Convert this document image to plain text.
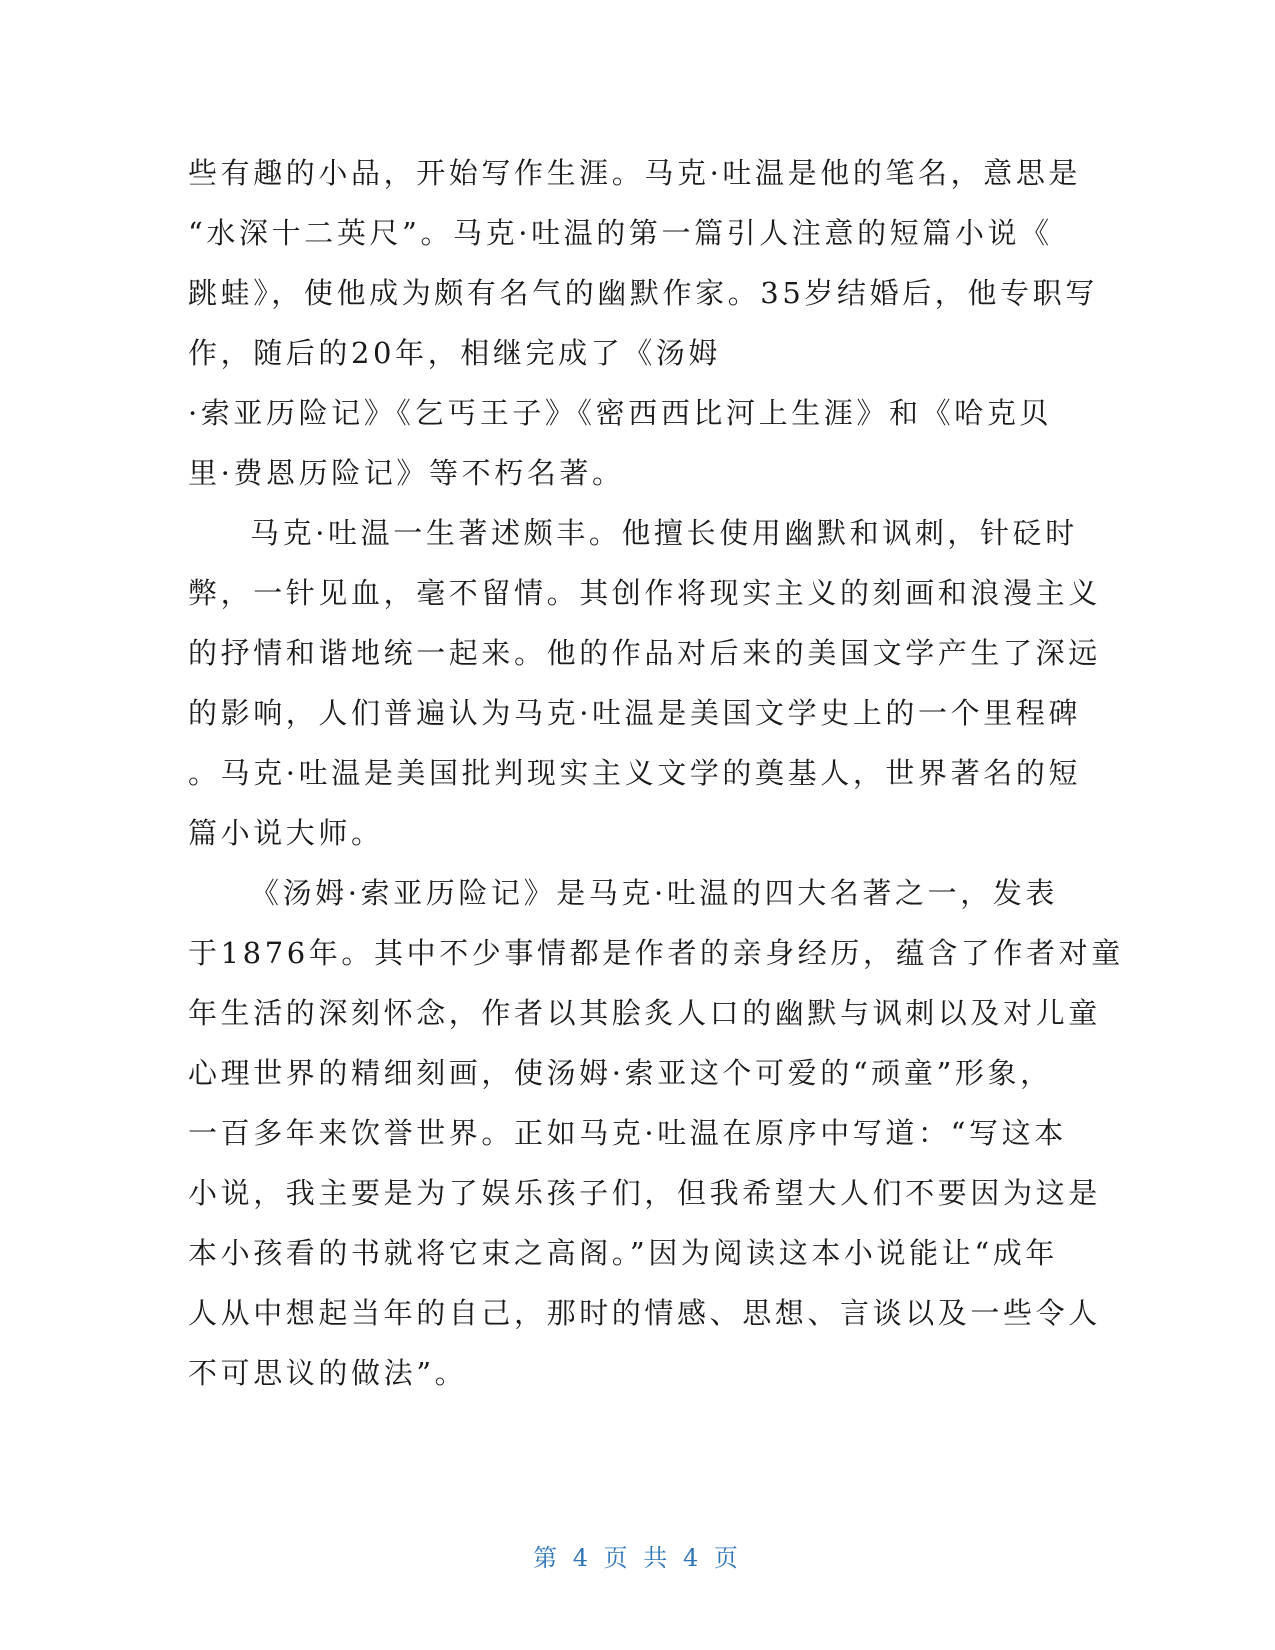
些有趣的小品，开始写作生涯。马克·吐温是他的笔名，意思是
“水深十二英尺”。马克·吐温的第一篇引人注意的短篇小说《
跳蛙》，使他成为颇有名气的幽默作家。35岁结婚后，他专职写
作，随后的20年，相继完成了《汤姆
·索亚历险记》《乞丐王子》《密西西比河上生涯》和《哈克贝
里·费恩历险记》等不朽名著。
马克·吐温一生著述颇丰。他擅长使用幽默和讽刺，针砭时
弊，一针见血，毫不留情。其创作将现实主义的刻画和浪漫主义
的抒情和谐地统一起来。他的作品对后来的美国文学产生了深远
的影响，人们普遍认为马克·吐温是美国文学史上的一个里程碑
。马克·吐温是美国批判现实主义文学的奠基人，世界著名的短
篇小说大师。
《汤姆·索亚历险记》是马克·吐温的四大名著之一，发表
于1876年。其中不少事情都是作者的亲身经历，蕴含了作者对童
年生活的深刻怀念，作者以其脍炙人口的幽默与讽刺以及对儿童
心理世界的精细刻画，使汤姆·索亚这个可爱的“顽童”形象，
一百多年来饮誉世界。正如马克·吐温在原序中写道：“写这本
小说，我主要是为了娱乐孩子们，但我希望大人们不要因为这是
本小孩看的书就将它束之高阁。”因为阅读这本小说能让“成年
人从中想起当年的自己，那时的情感、思想、言谈以及一些令人
不可思议的做法”。
第 4 页 共 4 页
